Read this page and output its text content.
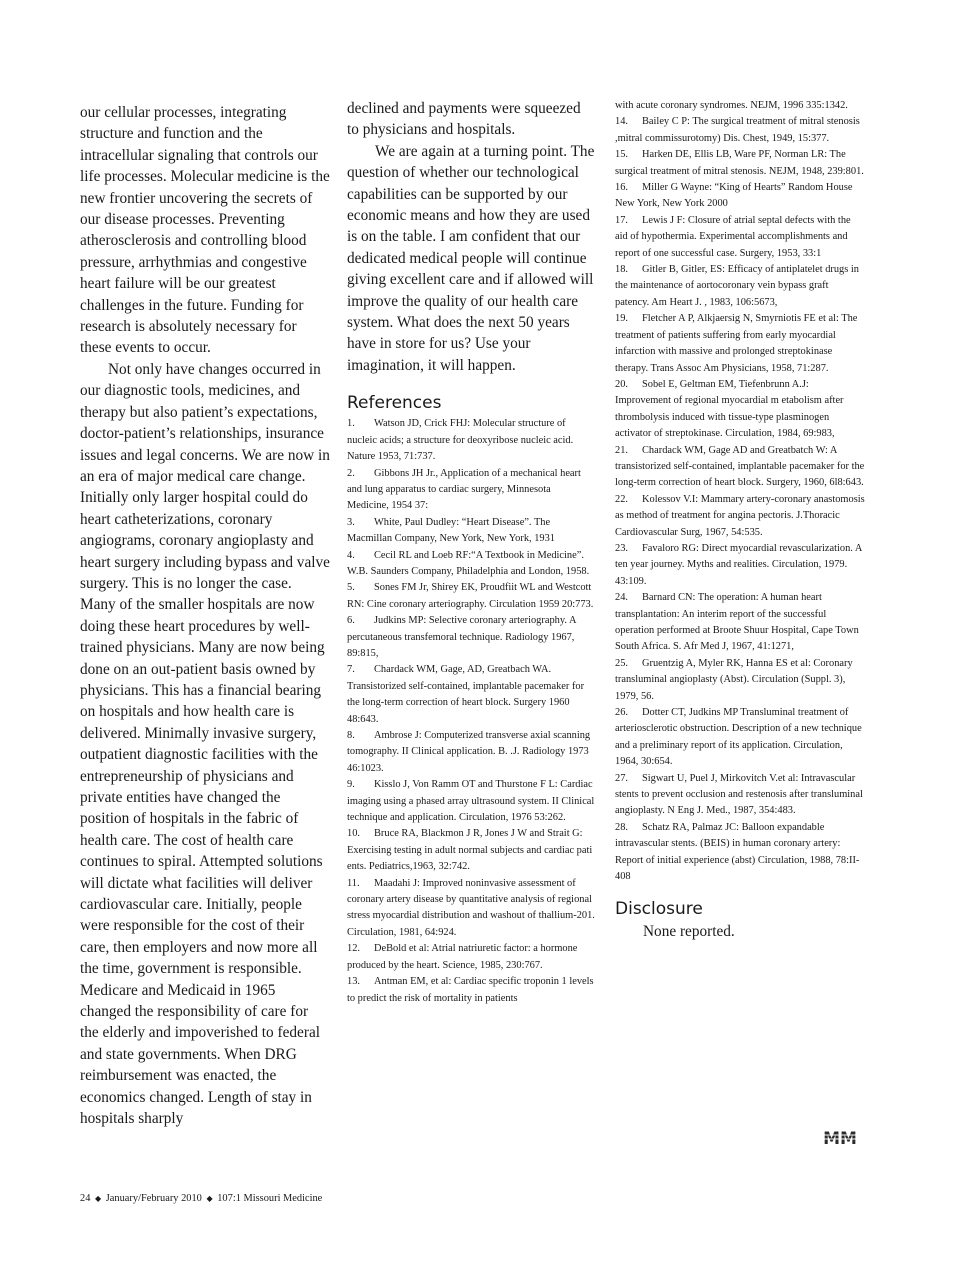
our cellular processes, integrating structure and function and the intracellular signaling that controls our life processes. Molecular medicine is the new frontier uncovering the secrets of our disease processes. Preventing atherosclerosis and controlling blood pressure, arrhythmias and congestive heart failure will be our greatest challenges in the future. Funding for research is absolutely necessary for these events to occur.

Not only have changes occurred in our diagnostic tools, medicines, and therapy but also patient’s expectations, doctor-patient’s relationships, insurance issues and legal concerns. We are now in an era of major medical care change. Initially only larger hospital could do heart catheterizations, coronary angiograms, coronary angioplasty and heart surgery including bypass and valve surgery. This is no longer the case. Many of the smaller hospitals are now doing these heart procedures by well-trained physicians. Many are now being done on an out-patient basis owned by physicians. This has a financial bearing on hospitals and how health care is delivered. Minimally invasive surgery, outpatient diagnostic facilities with the entrepreneurship of physicians and private entities have changed the position of hospitals in the fabric of health care. The cost of health care continues to spiral. Attempted solutions will dictate what facilities will deliver cardiovascular care. Initially, people were responsible for the cost of their care, then employers and now more all the time, government is responsible. Medicare and Medicaid in 1965 changed the responsibility of care for the elderly and impoverished to federal and state governments. When DRG reimbursement was enacted, the economics changed. Length of stay in hospitals sharply

declined and payments were squeezed to physicians and hospitals.

We are again at a turning point. The question of whether our technological capabilities can be supported by our economic means and how they are used is on the table. I am confident that our dedicated medical people will continue giving excellent care and if allowed will improve the quality of our health care system. What does the next 50 years have in store for us? Use your imagination, it will happen.

References

1. Watson JD, Crick FHJ: Molecular structure of nucleic acids; a structure for deoxyribose nucleic acid. Nature 1953, 71:737.

2. Gibbons JH Jr., Application of a mechanical heart and lung apparatus to cardiac surgery, Minnesota Medicine, 1954 37:

3. White, Paul Dudley: “Heart Disease”. The Macmillan Company, New York, New York, 1931

4. Cecil RL and Loeb RF:“A Textbook in Medicine”. W.B. Saunders Company, Philadelphia and London, 1958.

5. Sones FM Jr, Shirey EK, Proudfiit WL and Westcott RN: Cine coronary arteriography. Circulation 1959 20:773.

6. Judkins MP: Selective coronary arteriography. A percutaneous transfemoral technique. Radiology 1967, 89:815,

7. Chardack WM, Gage, AD, Greatbach WA. Transistorized self-contained, implantable pacemaker for the long-term correction of heart block. Surgery 1960 48:643.

8. Ambrose J: Computerized transverse axial scanning tomography. II Clinical application. B. .J. Radiology 1973 46:1023.

9. Kisslo J, Von Ramm OT and Thurstone F L: Cardiac imaging using a phased array ultrasound system. II Clinical technique and application. Circulation, 1976 53:262.

10. Bruce RA, Blackmon J R, Jones J W and Strait G: Exercising testing in adult normal subjects and cardiac pati ents. Pediatrics,1963, 32:742.

11. Maadahi J: Improved noninvasive assessment of coronary artery disease by quantitative analysis of regional stress myocardial distribution and washout of thallium-201. Circulation, 1981, 64:924.

12. DeBold et al: Atrial natriuretic factor: a hormone produced by the heart. Science, 1985, 230:767.

13. Antman EM, et al: Cardiac specific troponin 1 levels to predict the risk of mortality in patients

with acute coronary syndromes. NEJM, 1996 335:1342.

14. Bailey C P: The surgical treatment of mitral stenosis ,mitral commissurotomy) Dis. Chest, 1949, 15:377.

15. Harken DE, Ellis LB, Ware PF, Norman LR: The surgical treatment of mitral stenosis. NEJM, 1948, 239:801.

16. Miller G Wayne: “King of Hearts” Random House New York, New York 2000

17. Lewis J F: Closure of atrial septal defects with the aid of hypothermia. Experimental accomplishments and report of one successful case. Surgery, 1953, 33:1

18. Gitler B, Gitler, ES: Efficacy of antiplatelet drugs in the maintenance of aortocoronary vein bypass graft patency. Am Heart J. , 1983, 106:5673,

19. Fletcher A P, Alkjaersig N, Smyrniotis FE et al: The treatment of patients suffering from early myocardial infarction with massive and prolonged streptokinase therapy. Trans Assoc Am Physicians, 1958, 71:287.

20. Sobel E, Geltman EM, Tiefenbrunn A.J: Improvement of regional myocardial m etabolism after thrombolysis induced with tissue-type plasminogen activator of streptokinase. Circulation, 1984, 69:983,

21. Chardack WM, Gage AD and Greatbatch W: A transistorized self-contained, implantable pacemaker for the long-term correction of heart block. Surgery, 1960, 6l8:643.

22. Kolessov V.I: Mammary artery-coronary anastomosis as method of treatment for angina pectoris. J.Thoracic Cardiovascular Surg, 1967, 54:535.

23. Favaloro RG: Direct myocardial revascularization. A ten year journey. Myths and realities. Circulation, 1979. 43:109.

24. Barnard CN: The operation: A human heart transplantation: An interim report of the successful operation performed at Broote Shuur Hospital, Cape Town South Africa. S. Afr Med J, 1967, 41:1271,

25. Gruentzig A, Myler RK, Hanna ES et al: Coronary transluminal angioplasty (Abst). Circulation (Suppl. 3), 1979, 56.

26. Dotter CT, Judkins MP Transluminal treatment of arteriosclerotic obstruction. Description of a new technique and a preliminary report of its application. Circulation, 1964, 30:654.

27. Sigwart U, Puel J, Mirkovitch V.et al: Intravascular stents to prevent occlusion and restenosis after transluminal angioplasty. N Eng J. Med., 1987, 354:483.

28. Schatz RA, Palmaz JC: Balloon expandable intravascular stents. (BEIS) in human coronary artery: Report of initial experience (abst) Circulation, 1988, 78:II-408

Disclosure

None reported.

MM
24 ◆ January/February 2010 ◆ 107:1 Missouri Medicine
